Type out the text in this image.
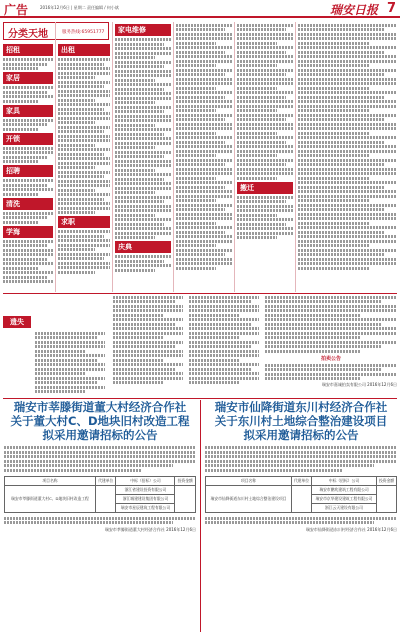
广告	2016年12月6日 | 星期二 责任编辑 / 何小斌	瑞安日报 7
分类天地	服务热线:65951777
招租
家居
家具
开锁
招聘
清洗
学海
出租
求职
家电维修
庆典
搬迁
遗失
拍卖公告
瑞安市嘉诚拍卖有限公司 2016年12月6日
瑞安市莘滕街道董大村经济合作社
关于董大村C、D地块旧村改造工程
拟采用邀请招标的公告
项目名称	代建单位	中标（招标）公司	投资金额
瑞安市莘滕街道董大村C、D地块旧村改造工程		浙江省建设投资有限公司	
		浙江城建建设集团有限公司	
		瑞安市星辰建筑工程有限公司	
瑞安市莘滕街道董大村经济合作社 2016年12月6日
瑞安市仙降街道东川村经济合作社
关于东川村土地综合整治建设项目
拟采用邀请招标的公告
项目名称	代建单位	中标（招标）公司	投资金额
瑞安市仙降街道东川村土地综合整治建设项目		瑞安市鹏兆建筑工程有限公司	
		瑞安市京华建设建筑工程有限公司	
		浙江云天建设有限公司	
瑞安市仙降街道东川村经济合作社 2016年12月6日
